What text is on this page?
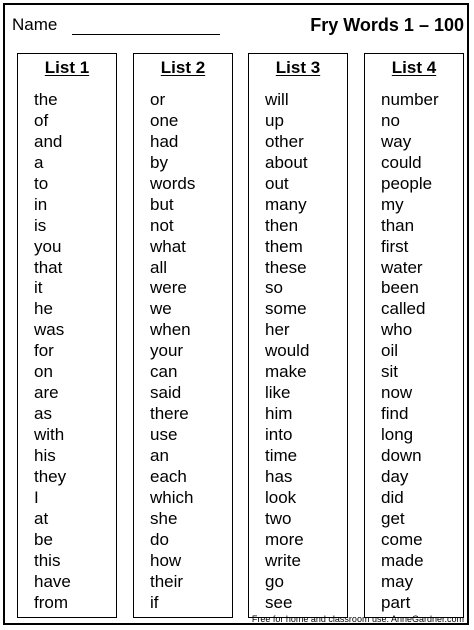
Name	Fry Words 1 – 100
List 1
the
of
and
a
to
in
is
you
that
it
he
was
for
on
are
as
with
his
they
I
at
be
this
have
from
List 2
or
one
had
by
words
but
not
what
all
were
we
when
your
can
said
there
use
an
each
which
she
do
how
their
if
List 3
will
up
other
about
out
many
then
them
these
so
some
her
would
make
like
him
into
time
has
look
two
more
write
go
see
List 4
number
no
way
could
people
my
than
first
water
been
called
who
oil
sit
now
find
long
down
day
did
get
come
made
may
part
Free for home and classroom use. AnneGardner.com
